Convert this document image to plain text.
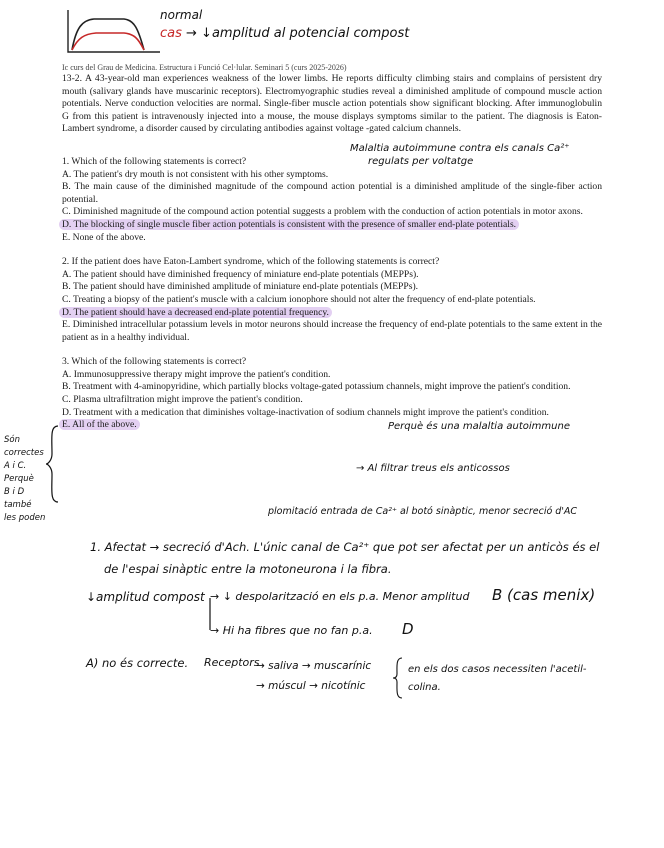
normal
cas → ↓amplitud al potencial compost

Ic curs del Grau de Medicina. Estructura i Funció Cel·lular. Seminari 5 (curs 2025-2026)

13-2. A 43-year-old man experiences weakness of the lower limbs. He reports difficulty climbing stairs and complains of persistent dry mouth (salivary glands have muscarinic receptors). Electromyographic studies reveal a diminished amplitude of compound muscle action potentials. Nerve conduction velocities are normal. Single-fiber muscle action potentials show significant blocking. After immunoglobulin G from this patient is intravenously injected into a mouse, the mouse displays symptoms similar to the patient. The diagnosis is Eaton-Lambert syndrome, a disorder caused by circulating antibodies against voltage -gated calcium channels.

1. Which of the following statements is correct?

A. The patient's dry mouth is not consistent with his other symptoms.

B. The main cause of the diminished magnitude of the compound action potential is a diminished amplitude of the single-fiber action potential.

C. Diminished magnitude of the compound action potential suggests a problem with the conduction of action potentials in motor axons.

D. The blocking of single muscle fiber action potentials is consistent with the presence of smaller end-plate potentials.

E. None of the above.

2. If the patient does have Eaton-Lambert syndrome, which of the following statements is correct?

A. The patient should have diminished frequency of miniature end-plate potentials (MEPPs).

B. The patient should have diminished amplitude of miniature end-plate potentials (MEPPs).

C. Treating a biopsy of the patient's muscle with a calcium ionophore should not alter the frequency of end-plate potentials.

D. The patient should have a decreased end-plate potential frequency.

E. Diminished intracellular potassium levels in motor neurons should increase the frequency of end-plate potentials to the same extent in the patient as in a healthy individual.

3. Which of the following statements is correct?

A. Immunosuppressive therapy might improve the patient's condition.

B. Treatment with 4-aminopyridine, which partially blocks voltage-gated potassium channels, might improve the patient's condition.

C. Plasma ultrafiltration might improve the patient's condition.

D. Treatment with a medication that diminishes voltage-inactivation of sodium channels might improve the patient's condition.

E. All of the above.

Malaltia autoimmune contra els canals Ca²⁺
regulats per voltatge
Perquè és una malaltia autoimmune
→ Al filtrar treus els anticossos
Són
correctes
A i C.
Perquè
B i D
també
les poden
plomitació entrada de Ca²⁺ al botó sinàptic, menor secreció d'AC
1. Afectat → secreció d'Ach. L'únic canal de Ca²⁺ que pot ser afectat per un anticòs és el
de l'espai sinàptic entre la motoneurona i la fibra.
↓amplitud compost → ↓ despolarització en els p.a. Menor amplitud B (cas menix)
→ Hi ha fibres que no fan p.a. D
A) no és correcte. Receptors
→ saliva → muscarínic
→ múscul → nicotínic
en els dos casos necessiten l'acetil-
colina.
